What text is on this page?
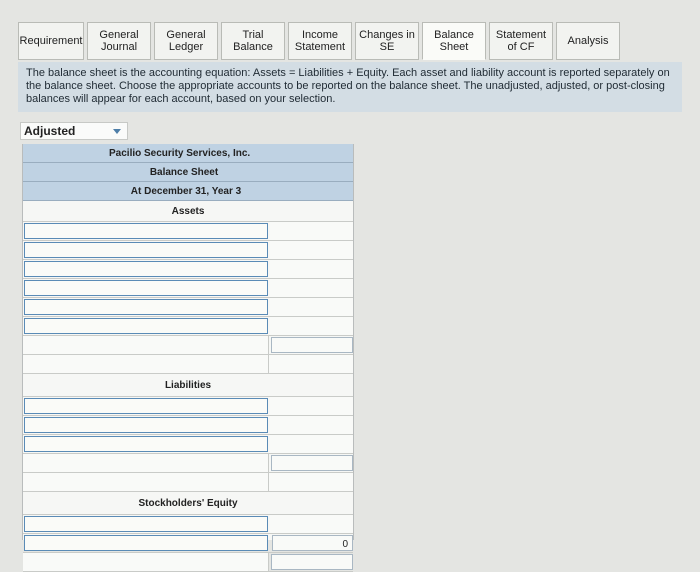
Requirement General
Journal
General
Ledger
Trial Balance
Income
Statement
Changes in
SE
Balance
Sheet
Statement
of CF	Analysis
The balance sheet is the accounting equation: Assets = Liabilities + Equity. Each asset and liability account is reported separately on the balance sheet. Choose the appropriate accounts to be reported on the balance sheet. The unadjusted, adjusted, or post-closing balances will appear for each account, based on your selection.
Adjusted
Pacilio Security Services, Inc.
Balance Sheet
At December 31, Year 3
Assets
Liabilities
Stockholders' Equity
0
